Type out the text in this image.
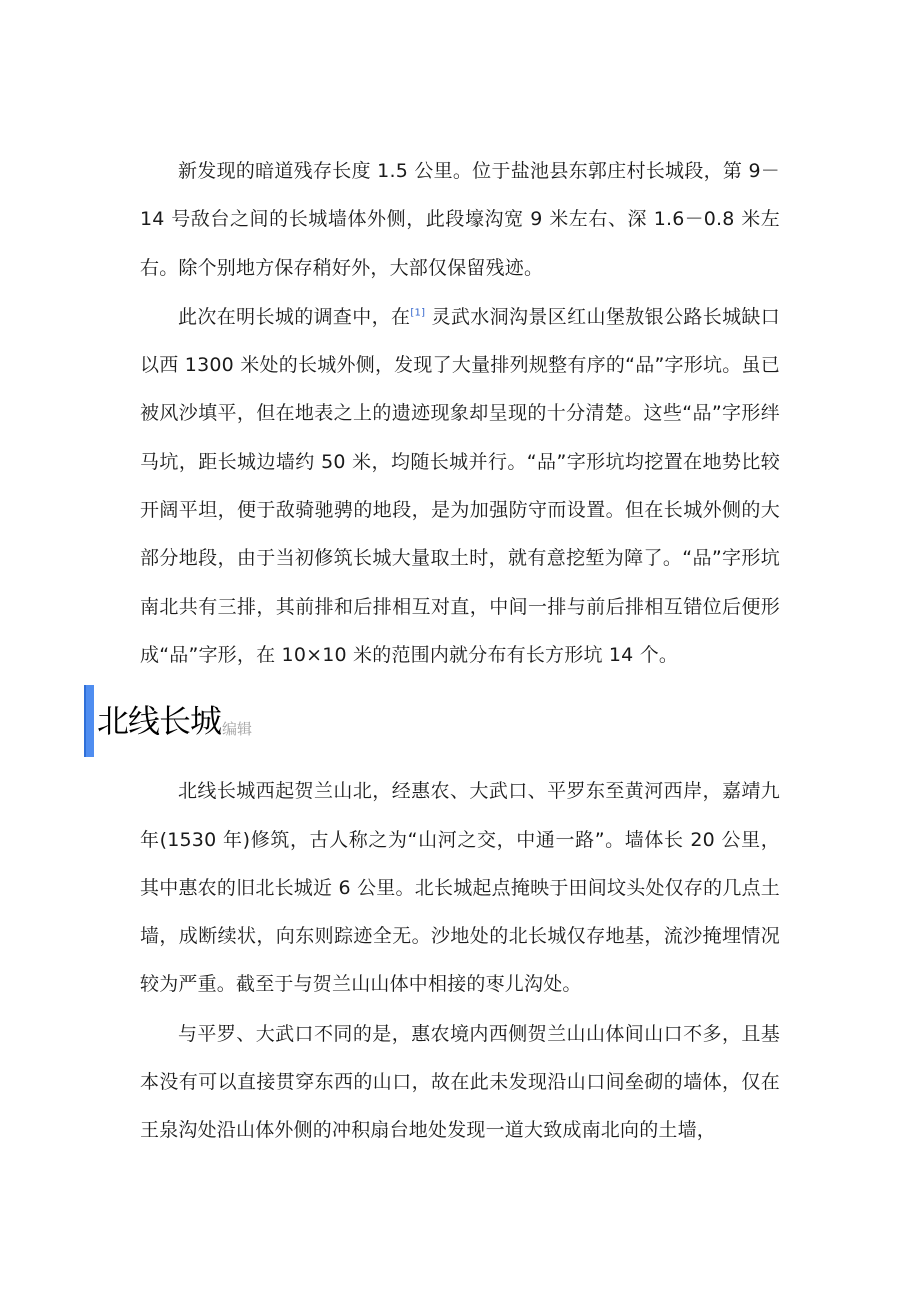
新发现的暗道残存长度 1.5 公里。位于盐池县东郭庄村长城段，第 9－14 号敌台之间的长城墙体外侧，此段壕沟宽 9 米左右、深 1.6－0.8 米左右。除个别地方保存稍好外，大部仅保留残迹。

此次在明长城的调查中，在[1] 灵武水洞沟景区红山堡敖银公路长城缺口以西 1300 米处的长城外侧，发现了大量排列规整有序的“品”字形坑。虽已被风沙填平，但在地表之上的遗迹现象却呈现的十分清楚。这些“品”字形绊马坑，距长城边墙约 50 米，均随长城并行。“品”字形坑均挖置在地势比较开阔平坦，便于敌骑驰骋的地段，是为加强防守而设置。但在长城外侧的大部分地段，由于当初修筑长城大量取土时，就有意挖堑为障了。“品”字形坑南北共有三排，其前排和后排相互对直，中间一排与前后排相互错位后便形成“品”字形，在 10×10 米的范围内就分布有长方形坑 14 个。

北线长城 编辑

北线长城西起贺兰山北，经惠农、大武口、平罗东至黄河西岸，嘉靖九年(1530 年)修筑，古人称之为“山河之交，中通一路”。墙体长 20 公里，其中惠农的旧北长城近 6 公里。北长城起点掩映于田间坟头处仅存的几点土墙，成断续状，向东则踪迹全无。沙地处的北长城仅存地基，流沙掩埋情况较为严重。截至于与贺兰山山体中相接的枣儿沟处。

与平罗、大武口不同的是，惠农境内西侧贺兰山山体间山口不多，且基本没有可以直接贯穿东西的山口，故在此未发现沿山口间垒砌的墙体，仅在王泉沟处沿山体外侧的冲积扇台地处发现一道大致成南北向的土墙，
